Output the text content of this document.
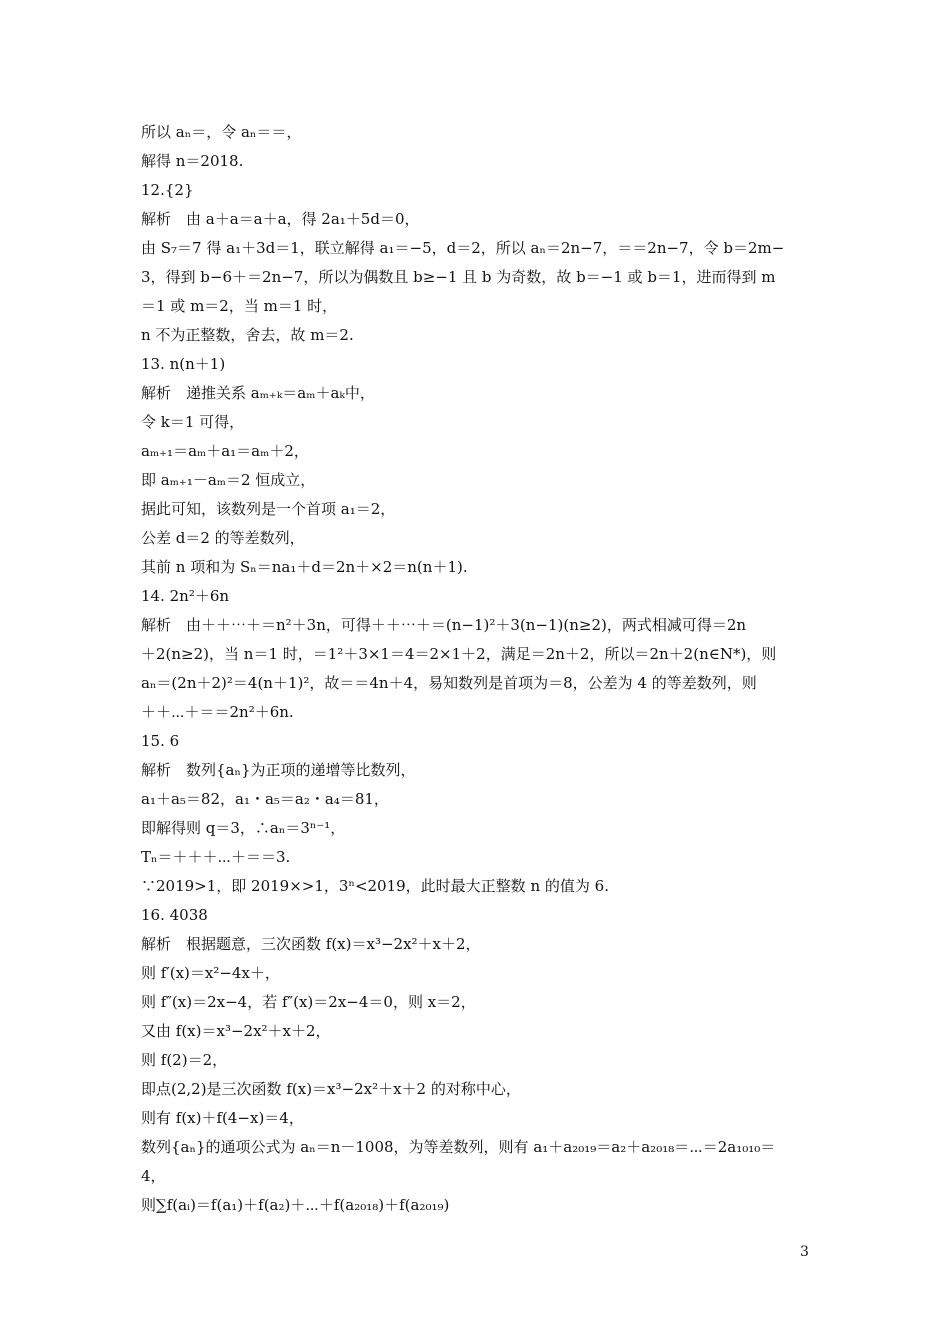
所以 aₙ＝，令 aₙ＝＝，
解得 n＝2018.
12.{2}
解析　由 a＋a＝a＋a，得 2a₁＋5d＝0，
由 S₇＝7 得 a₁＋3d＝1，联立解得 a₁＝−5，d＝2，所以 aₙ＝2n−7，＝＝2n−7，令 b＝2m−
3，得到 b−6＋＝2n−7，所以为偶数且 b≥−1 且 b 为奇数，故 b＝−1 或 b＝1，进而得到 m
＝1 或 m＝2，当 m＝1 时，
n 不为正整数，舍去，故 m＝2.
13. n(n＋1)
解析　递推关系 aₘ₊ₖ＝aₘ＋aₖ中，
令 k＝1 可得，
aₘ₊₁＝aₘ＋a₁＝aₘ＋2，
即 aₘ₊₁－aₘ＝2 恒成立，
据此可知，该数列是一个首项 a₁＝2，
公差 d＝2 的等差数列，
其前 n 项和为 Sₙ＝na₁＋d＝2n＋×2＝n(n＋1).
14. 2n²＋6n
解析　由＋＋⋯＋＝n²＋3n，可得＋＋⋯＋＝(n−1)²＋3(n−1)(n≥2)，两式相减可得＝2n
＋2(n≥2)，当 n＝1 时，＝1²＋3×1＝4＝2×1＋2，满足＝2n＋2，所以＝2n＋2(n∈N*)，则
aₙ＝(2n＋2)²＝4(n＋1)²，故＝＝4n＋4，易知数列是首项为＝8，公差为 4 的等差数列，则
＋＋⋯＋＝＝2n²＋6n.
15. 6
解析　数列{aₙ}为正项的递增等比数列，
a₁＋a₅＝82，a₁・a₅＝a₂・a₄＝81，
即解得则 q＝3，∴aₙ＝3ⁿ⁻¹，
Tₙ＝＋＋＋⋯＋＝＝3.
∵2019>1，即 2019×>1，3ⁿ<2019，此时最大正整数 n 的值为 6.
16. 4038
解析　根据题意，三次函数 f(x)＝x³−2x²＋x＋2，
则 f′(x)＝x²−4x＋，
则 f″(x)＝2x−4，若 f″(x)＝2x−4＝0，则 x＝2，
又由 f(x)＝x³−2x²＋x＋2，
则 f(2)＝2，
即点(2,2)是三次函数 f(x)＝x³−2x²＋x＋2 的对称中心，
则有 f(x)＋f(4−x)＝4，
数列{aₙ}的通项公式为 aₙ＝n－1008，为等差数列，则有 a₁＋a₂₀₁₉＝a₂＋a₂₀₁₈＝⋯＝2a₁₀₁₀＝
4，
则∑f(aᵢ)＝f(a₁)＋f(a₂)＋⋯＋f(a₂₀₁₈)＋f(a₂₀₁₉)
3
